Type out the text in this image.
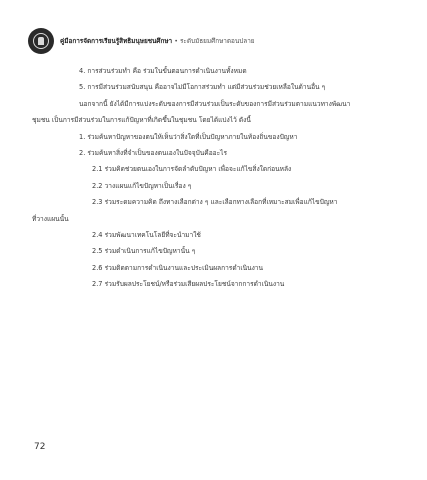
คู่มือการจัดการเรียนรู้สิทธิมนุษยชนศึกษา • ระดับมัธยมศึกษาตอนปลาย
4. การส่วนร่วมทำ คือ ร่วมในขั้นตอนการดำเนินงานทั้งหมด
5. การมีส่วนร่วมสนับสนุน คืออาจไม่มีโอกาสร่วมทำ แต่มีส่วนร่วมช่วยเหลือในด้านอื่น ๆ
นอกจากนี้ ยังได้มีการแบ่งระดับของการมีส่วนร่วมเป็นระดับของการมีส่วนร่วมตามแนวทางพัฒนา
ชุมชน เป็นการมีส่วนร่วมในการแก้ปัญหาที่เกิดขึ้นในชุมชน โดยได้แบ่งไว้ ดังนี้
1. ร่วมค้นหาปัญหาของตนให้เห็นว่าสิ่งใดที่เป็นปัญหาภายในท้องถิ่นของปัญหา
2. ร่วมค้นหาสิ่งที่จำเป็นของตนเองในปัจจุบันคืออะไร
2.1 ร่วมคิดช่วยตนเองในการจัดลำดับปัญหา เพื่อจะแก้ไขสิ่งใดก่อนหลัง
2.2 วางแผนแก้ไขปัญหาเป็นเรื่อง ๆ
2.3 ร่วมระดมความคิด ถึงทางเลือกต่าง ๆ และเลือกทางเลือกที่เหมาะสมเพื่อแก้ไขปัญหา
ที่วางแผนนั้น
2.4 ร่วมพัฒนาเทคโนโลยีที่จะนำมาใช้
2.5 ร่วมดำเนินการแก้ไขปัญหานั้น ๆ
2.6 ร่วมติดตามการดำเนินงานและประเมินผลการดำเนินงาน
2.7 ร่วมรับผลประโยชน์/หรือร่วมเสียผลประโยชน์จากการดำเนินงาน
72
